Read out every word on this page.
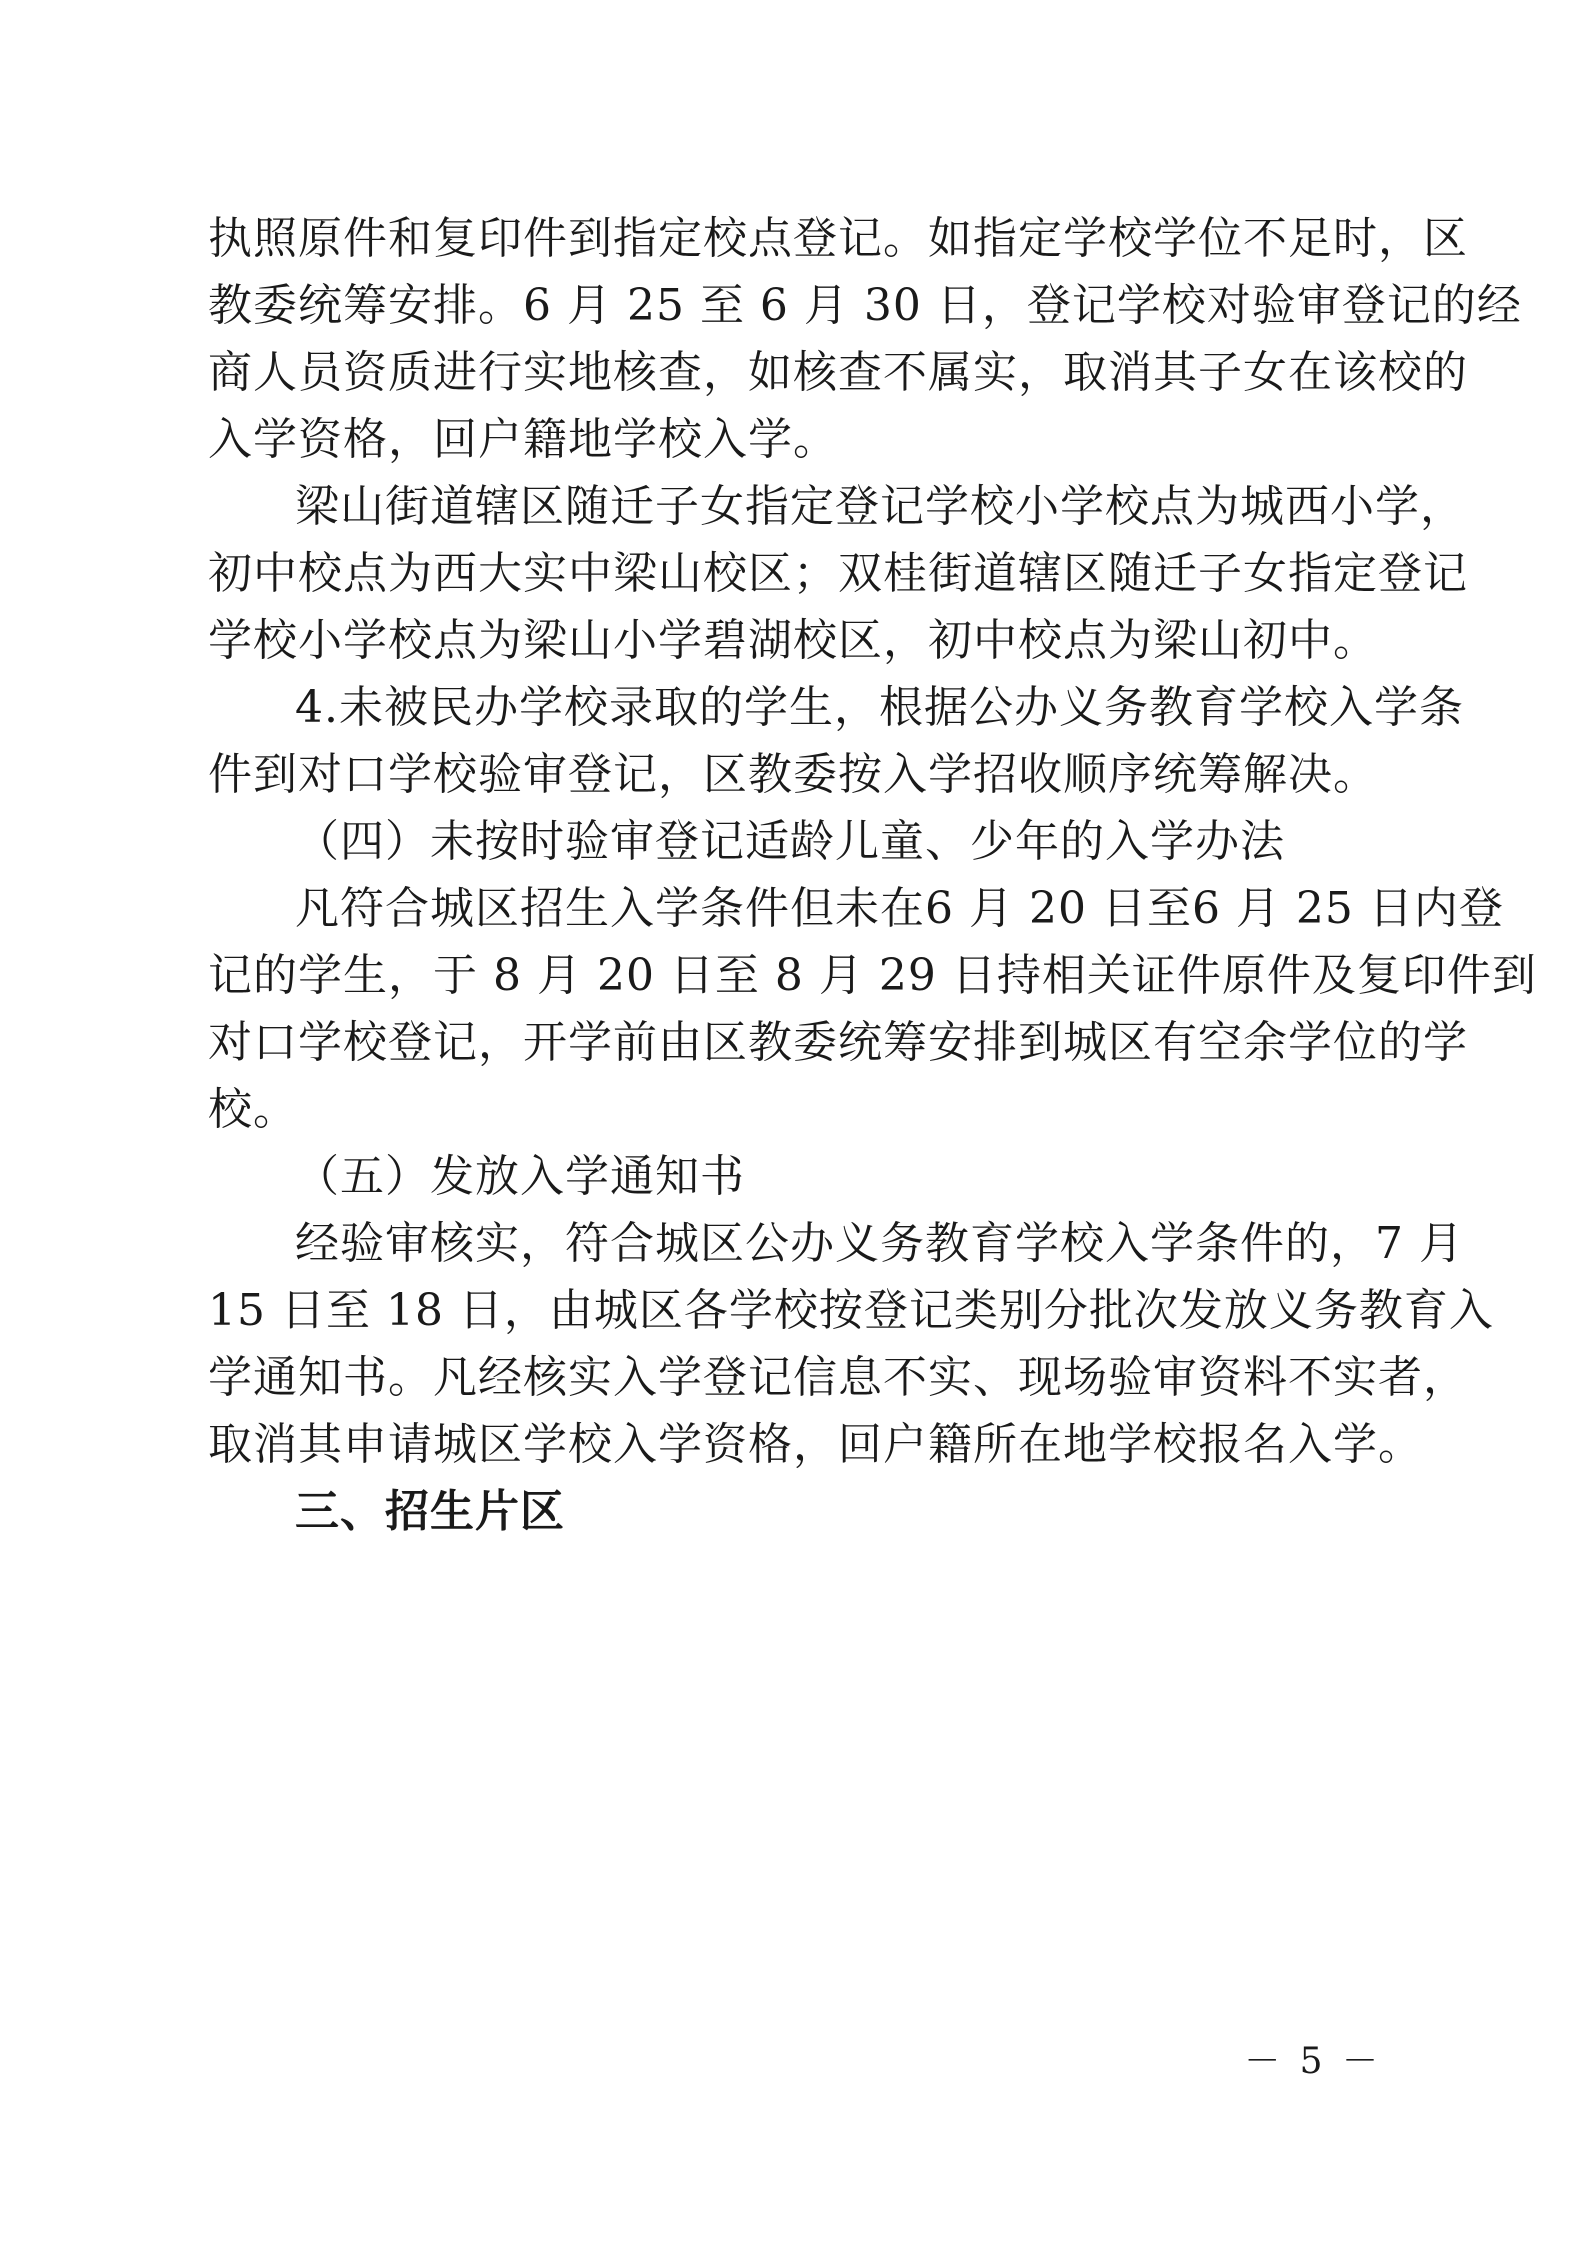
执照原件和复印件到指定校点登记。如指定学校学位不足时，区
教委统筹安排。6 月 25 至 6 月 30 日，登记学校对验审登记的经
商人员资质进行实地核查，如核查不属实，取消其子女在该校的
入学资格，回户籍地学校入学。
梁山街道辖区随迁子女指定登记学校小学校点为城西小学，
初中校点为西大实中梁山校区；双桂街道辖区随迁子女指定登记
学校小学校点为梁山小学碧湖校区，初中校点为梁山初中。
4.未被民办学校录取的学生，根据公办义务教育学校入学条
件到对口学校验审登记，区教委按入学招收顺序统筹解决。
（四）未按时验审登记适龄儿童、少年的入学办法
凡符合城区招生入学条件但未在6 月 20 日至6 月 25 日内登
记的学生，于 8 月 20 日至 8 月 29 日持相关证件原件及复印件到
对口学校登记，开学前由区教委统筹安排到城区有空余学位的学
校。
（五）发放入学通知书
经验审核实，符合城区公办义务教育学校入学条件的，7 月
15 日至 18 日，由城区各学校按登记类别分批次发放义务教育入
学通知书。凡经核实入学登记信息不实、现场验审资料不实者，
取消其申请城区学校入学资格，回户籍所在地学校报名入学。
三、招生片区
－ 5 －
